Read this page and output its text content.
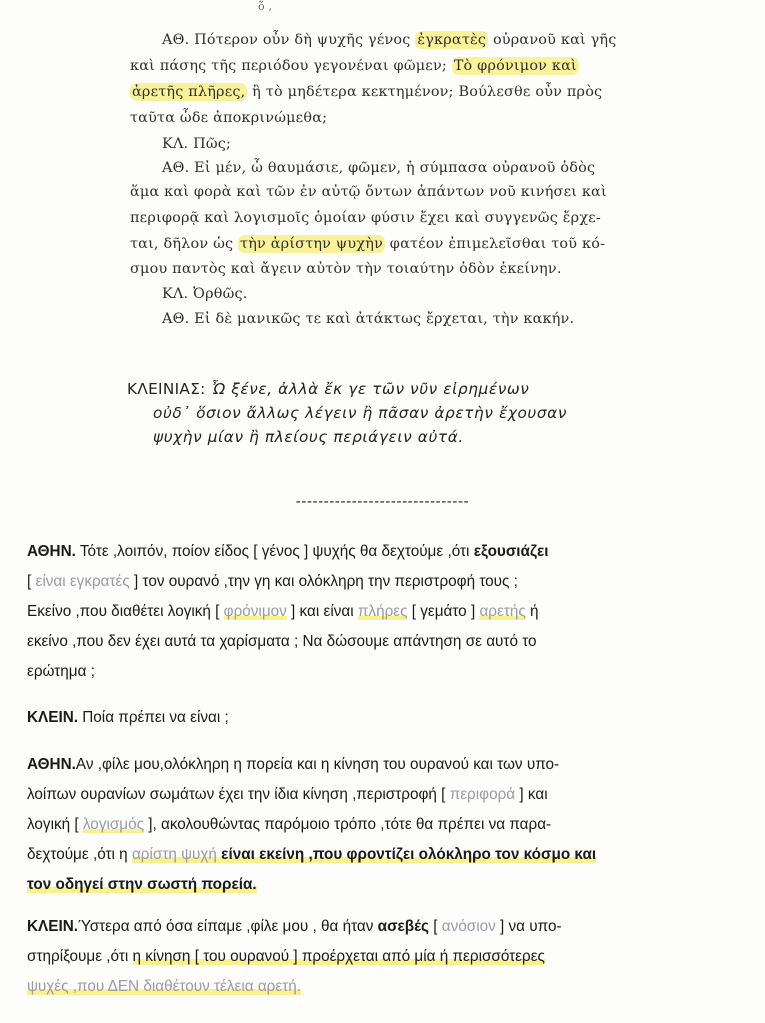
ὅ ,
ΑΘ. Πότερον οὖν δὴ ψυχῆς γένος ἐγκρατὲς οὐρανοῦ καὶ γῆς
καὶ πάσης τῆς περιόδου γεγονέναι φῶμεν; Τὸ φρόνιμον καὶ
ἀρετῆς πλῆρες, ἢ τὸ μηδέτερα κεκτημένον; Βούλεσθε οὖν πρὸς
ταῦτα ὧδε ἀποκρινώμεθα;
ΚΛ. Πῶς;
ΑΘ. Εἰ μέν, ὦ θαυμάσιε, φῶμεν, ἡ σύμπασα οὐρανοῦ ὁδὸς
ἅμα καὶ φορὰ καὶ τῶν ἐν αὐτῷ ὄντων ἁπάντων νοῦ κινήσει καὶ
περιφορᾷ καὶ λογισμοῖς ὁμοίαν φύσιν ἔχει καὶ συγγενῶς ἔρχε-
ται, δῆλον ὡς τὴν ἀρίστην ψυχὴν φατέον ἐπιμελεῖσθαι τοῦ κό-
σμου παντὸς καὶ ἄγειν αὐτὸν τὴν τοιαύτην ὁδὸν ἐκείνην.
ΚΛ. Ὀρθῶς.
ΑΘ. Εἰ δὲ μανικῶς τε καὶ ἀτάκτως ἔρχεται, τὴν κακήν.
ΚΛΕΙΝΙΑΣ: Ὦ ξένε, ἀλλὰ ἔκ γε τῶν νῦν εἰρημένων
οὐδ᾽ ὅσιον ἄλλως λέγειν ἢ πᾶσαν ἀρετὴν ἔχουσαν
ψυχὴν μίαν ἢ πλείους περιάγειν αὐτά.
-------------------------------
ΑΘΗΝ. Τότε ,λοιπόν, ποίον είδος [ γένος ] ψυχής θα δεχτούμε ,ότι εξουσιάζει
[ είναι εγκρατές ] τον ουρανό ,την γη και ολόκληρη την περιστροφή τους ;
Εκείνο ,που διαθέτει λογική [ φρόνιμον ] και είναι πλήρες [ γεμάτο ] αρετής ή
εκείνο ,που δεν έχει αυτά τα χαρίσματα ; Να δώσουμε απάντηση σε αυτό το
ερώτημα ;
ΚΛΕΙΝ. Ποία πρέπει να είναι ;
ΑΘΗΝ.Αν ,φίλε μου,ολόκληρη η πορεία και η κίνηση του ουρανού και των υπο-
λοίπων ουρανίων σωμάτων έχει την ίδια κίνηση ,περιστροφή [ περιφορά ] και
λογική [ λογισμός ], ακολουθώντας παρόμοιο τρόπο ,τότε θα πρέπει να παρα-
δεχτούμε ,ότι η αρίστη ψυχή είναι εκείνη ,που φροντίζει ολόκληρο τον κόσμο και
τον οδηγεί στην σωστή πορεία.
ΚΛΕΙΝ.Ύστερα από όσα είπαμε ,φίλε μου , θα ήταν ασεβές [ ανόσιον ] να υπο-
στηρίξουμε ,ότι η κίνηση [ του ουρανού ] προέρχεται από μία ή περισσότερες
ψυχές ,που ΔΕΝ διαθέτουν τέλεια αρετή.
